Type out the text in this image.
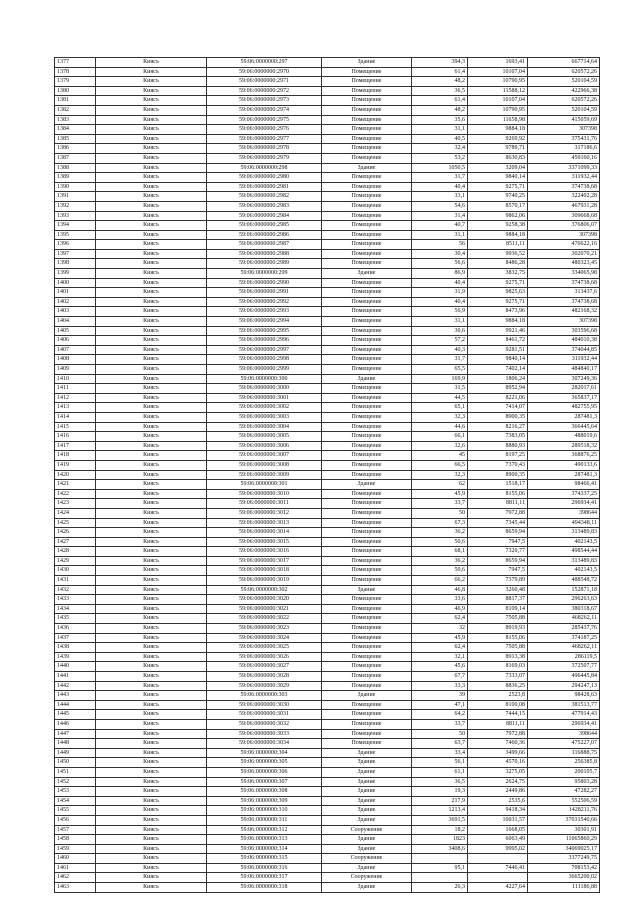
1377	Киясъ	59:06:0000000:297	Здание	394,3	1693,41	667714,64
1378	Киясъ	59:06:0000000:2970	Помещение	61,4	10107,04	620572,26
1379	Киясъ	59:06:0000000:2971	Помещение	48,2	10790,95	520104,59
1380	Киясъ	59:06:0000000:2972	Помещение	36,5	11588,12	422966,38
1381	Киясъ	59:06:0000000:2973	Помещение	61,4	10107,04	620572,26
1382	Киясъ	59:06:0000000:2974	Помещение	48,2	10790,95	520104,59
1383	Киясъ	59:06:0000000:2975	Помещение	35,6	11658,98	415059,69
1384	Киясъ	59:06:0000000:2976	Помещение	31,1	9884,18	307398
1385	Киясъ	59:06:0000000:2977	Помещение	40,5	9269,92	375431,76
1386	Киясъ	59:06:0000000:2978	Помещение	32,4	9789,71	317186,6
1387	Киясъ	59:06:0000000:2979	Помещение	53,2	8630,83	459160,16
1388	Киясъ	59:06:0000000:298	Здание	1050,5	3209,04	3371099,33
1389	Киясъ	59:06:0000000:2980	Помещение	31,7	9840,14	311932,44
1390	Киясъ	59:06:0000000:2981	Помещение	40,4	9275,71	374738,68
1391	Киясъ	59:06:0000000:2982	Помещение	33,1	9740,25	322402,28
1392	Киясъ	59:06:0000000:2983	Помещение	54,6	8570,17	467931,28
1393	Киясъ	59:06:0000000:2984	Помещение	31,4	9862,06	309668,68
1394	Киясъ	59:06:0000000:2985	Помещение	40,7	9258,38	376806,07
1395	Киясъ	59:06:0000000:2986	Помещение	31,1	9884,18	307398
1396	Киясъ	59:06:0000000:2987	Помещение	56	8511,11	476622,16
1397	Киясъ	59:06:0000000:2988	Помещение	30,4	9936,52	302070,21
1398	Киясъ	59:06:0000000:2989	Помещение	56,6	8486,28	480323,45
1399	Киясъ	59:06:0000000:299	Здание	86,9	3832,75	334065,98
1400	Киясъ	59:06:0000000:2990	Помещение	40,4	9275,71	374738,68
1401	Киясъ	59:06:0000000:2991	Помещение	31,9	9825,63	313437,6
1402	Киясъ	59:06:0000000:2992	Помещение	40,4	9275,71	374738,68
1403	Киясъ	59:06:0000000:2993	Помещение	56,9	8473,96	482168,32
1404	Киясъ	59:06:0000000:2994	Помещение	31,1	9884,18	307398
1405	Киясъ	59:06:0000000:2995	Помещение	30,6	9921,46	303596,68
1406	Киясъ	59:06:0000000:2996	Помещение	57,2	8461,72	484010,38
1407	Киясъ	59:06:0000000:2997	Помещение	40,3	9281,51	374044,85
1408	Киясъ	59:06:0000000:2998	Помещение	31,7	9840,14	311932,44
1409	Киясъ	59:06:0000000:2999	Помещение	65,5	7402,14	484840,17
1410	Киясъ	59:06:0000000:300	Здание	169,9	1806,24	307249,36
1411	Киясъ	59:06:0000000:3000	Помещение	31,5	8952,94	282017,61
1412	Киясъ	59:06:0000000:3001	Помещение	44,5	8221,06	365837,17
1413	Киясъ	59:06:0000000:3002	Помещение	65,1	7414,07	482755,95
1414	Киясъ	59:06:0000000:3003	Помещение	32,3	8900,35	287481,3
1415	Киясъ	59:06:0000000:3004	Помещение	44,6	8216,27	366445,64
1416	Киясъ	59:06:0000000:3005	Помещение	66,1	7383,05	488019,6
1417	Киясъ	59:06:0000000:3006	Помещение	32,6	8880,93	289518,32
1418	Киясъ	59:06:0000000:3007	Помещение	45	8197,25	368876,25
1419	Киясъ	59:06:0000000:3008	Помещение	66,5	7370,43	490133,6
1420	Киясъ	59:06:0000000:3009	Помещение	32,3	8900,35	287481,3
1421	Киясъ	59:06:0000000:301	Здание	62	1518,17	98466,41
1422	Киясъ	59:06:0000000:3010	Помещение	45,9	8155,06	374337,25
1423	Киясъ	59:06:0000000:3011	Помещение	33,7	8811,11	296934,41
1424	Киясъ	59:06:0000000:3012	Помещение	50	7972,88	398644
1425	Киясъ	59:06:0000000:3013	Помещение	67,3	7345,44	494348,11
1426	Киясъ	59:06:0000000:3014	Помещение	36,2	8659,94	313489,83
1427	Киясъ	59:06:0000000:3015	Помещение	50,6	7947,5	402143,5
1428	Киясъ	59:06:0000000:3016	Помещение	68,1	7320,77	498544,44
1429	Киясъ	59:06:0000000:3017	Помещение	36,2	8659,94	313489,83
1430	Киясъ	59:06:0000000:3018	Помещение	50,6	7947,5	402143,5
1431	Киясъ	59:06:0000000:3019	Помещение	66,2	7379,89	488548,72
1432	Киясъ	59:06:0000000:302	Здание	46,8	3260,48	152871,18
1433	Киясъ	59:06:0000000:3020	Помещение	33,6	8817,37	296263,63
1434	Киясъ	59:06:0000000:3021	Помещение	46,9	8109,14	380318,67
1435	Киясъ	59:06:0000000:3022	Помещение	62,4	7505,88	468262,11
1436	Киясъ	59:06:0000000:3023	Помещение	32	8919,93	285437,76
1437	Киясъ	59:06:0000000:3024	Помещение	45,9	8155,06	374187,25
1438	Киясъ	59:06:0000000:3025	Помещение	62,4	7505,88	468262,11
1439	Киясъ	59:06:0000000:3026	Помещение	32,1	8913,38	286119,5
1440	Киясъ	59:06:0000000:3027	Помещение	45,6	8169,03	372507,77
1441	Киясъ	59:06:0000000:3028	Помещение	67,7	7333,07	496445,84
1442	Киясъ	59:06:0000000:3029	Помещение	33,3	8836,25	294247,13
1443	Киясъ	59:06:0000000:303	Здание	39	2523,8	98428,63
1444	Киясъ	59:06:0000000:3030	Помещение	47,1	8100,08	381513,77
1445	Киясъ	59:06:0000000:3031	Помещение	64,2	7444,15	477914,43
1446	Киясъ	59:06:0000000:3032	Помещение	33,7	8811,11	296934,41
1447	Киясъ	59:06:0000000:3033	Помещение	50	7972,88	398644
1448	Киясъ	59:06:0000000:3034	Помещение	63,7	7460,36	475227,07
1449	Киясъ	59:06:0000000:304	Здание	33,4	3499,66	116888,75
1450	Киясъ	59:06:0000000:305	Здание	56,1	4570,16	256385,8
1451	Киясъ	59:06:0000000:306	Здание	61,1	3275,05	200105,7
1452	Киясъ	59:06:0000000:307	Здание	36,5	2624,75	95803,28
1453	Киясъ	59:06:0000000:308	Здание	19,3	2449,86	47282,27
1454	Киясъ	59:06:0000000:309	Здание	217,9	2535,6	552506,59
1455	Киясъ	59:06:0000000:310	Здание	1213,4	9418,34	1428211,76
1456	Киясъ	59:06:0000000:311	Здание	3691,5	10031,57	37031540,66
1457	Киясъ	59:06:0000000:312	Сооружение	18,2	1668,05	30301,91
1458	Киясъ	59:06:0000000:313	Здание	1823	6063,49	11065860,29
1459	Киясъ	59:06:0000000:314	Здание	3408,6	9995,02	34069025,17
1460	Киясъ	59:06:0000000:315	Сооружение			3377249,75
1461	Киясъ	59:06:0000000:316	Здание	95,1	7446,41	708153,42
1462	Киясъ	59:06:0000000:317	Сооружение			3665200,02
1463	Киясъ	59:06:0000000:318	Здание	26,3	4227,64	111186,88
